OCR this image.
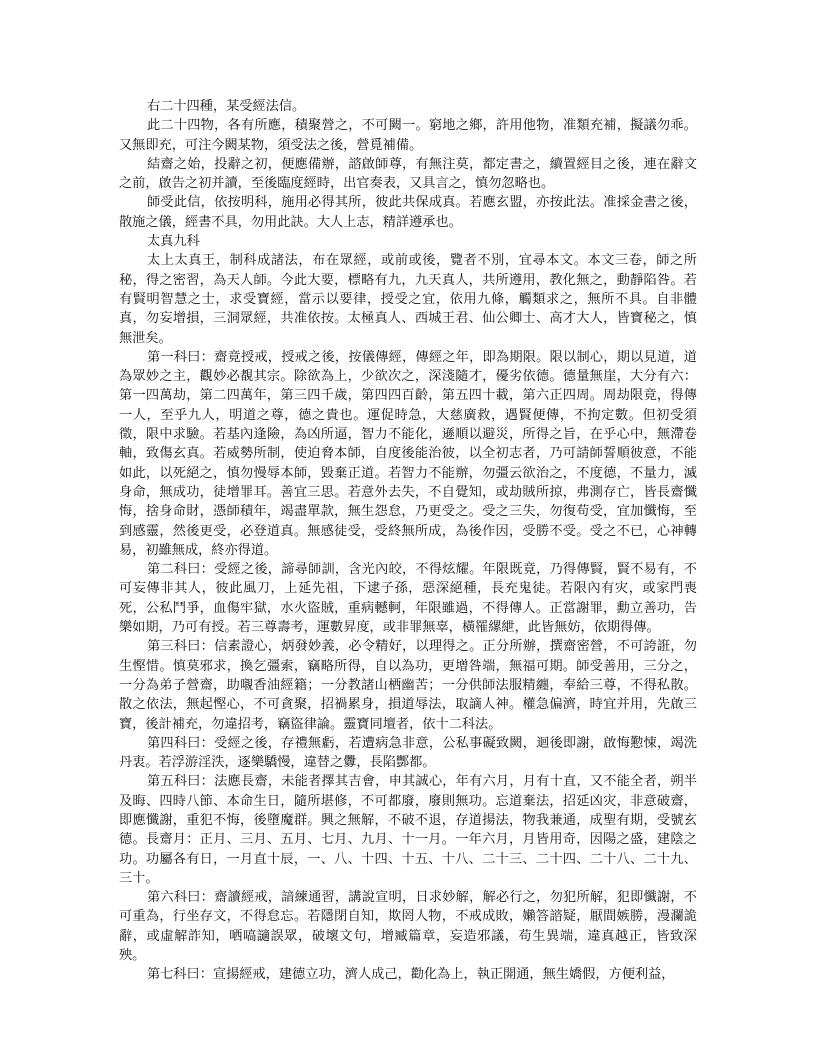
右二十四種，某受經法信。

此二十四物，各有所應，積聚營之，不可闕一。窮地之鄉，許用他物，准類充補，擬議勿乖。又無即充，可注今闕某物，須受法之後，營覓補備。

結齋之始，投辭之初，便應備辦，諮啟師尊，有無注莫，都定書之，續置經目之後，連在辭文之前，啟告之初并讀，至後臨度經時，出官奏表，又具言之，慎勿忽略也。

師受此信，依按明科，施用必得其所，彼此共保成真。若應玄盟，亦按此法。准採金書之後，散施之儀，經書不具，勿用此訣。大人上志，精詳遵承也。

太真九科

太上太真王，制科成諸法，布在眾經，或前或後，覽者不別，宜尋本文。本文三卷，師之所秘，得之密習，為天人師。今此大要，標略有九，九天真人，共所遵用，教化無之，動靜陷咎。若有賢明智慧之士，求受寶經，當示以要律，授受之宜，依用九條，觸類求之，無所不具。自非體真，勿妄增損，三洞眾經，共准依按。太極真人、西城王君、仙公卿士、高才大人，皆寶秘之，慎無泄矣。

第一科曰：齋竟授戒，授戒之後，按儀傳經，傳經之年，即為期限。限以制心，期以見道，道為眾妙之主，觀妙必覩其宗。除欲為上，少欲次之，深淺隨才，優劣依德。德量無崖，大分有六：第一四萬劫，第二四萬年，第三四千歲，第四四百齡，第五四十載，第六正四周。周劫限竟，得傳一人，至乎九人，明道之尊，德之貴也。運促時急，大慈廣救，遇賢便傳，不拘定數。但初受須徵，限中求驗。若基內逢險，為凶所逼，智力不能化，遜順以避災，所得之旨，在乎心中，無滯卷軸，致傷玄真。若威勢所制，使迫脅本師，自度後能治彼，以全初志者，乃可請師誓順彼意，不能如此，以死絕之，慎勿慢辱本師，毀棄正道。若智力不能辦，勿彊云欲治之，不度德，不量力，滅身命，無成功，徒增罪耳。善宜三思。若意外去失，不自覺知，或劫賊所掠，弗測存亡，皆長齋懺悔，捨身命財，憑師積年，竭盡單款，無生怨怠，乃更受之。受之三失，勿復苟受，宜加懺悔，至到感靈，然後更受，必登道真。無感徒受，受終無所成，為後作因，受勝不受。受之不已，心神轉易，初雖無成，終亦得道。

第二科曰：受經之後，諦尋師訓，含光內皎，不得炫耀。年限既竟，乃得傳賢，賢不易有，不可妄傳非其人，彼此風刀，上延先祖，下逮子孫，惡深絕種，長充鬼徒。若限內有灾，或家門喪死，公私鬥爭，血傷牢獄，水火盜賊，重病轗軻，年限雖過，不得傳人。正當謝罪，勳立善功，告樂如期，乃可有授。若三尊壽考，運數昇度，或非罪無辜，橫罹縲紲，此皆無妨，依期得傳。

第三科曰：信素證心，炳發妙義，必令精好，以理得之。正分所辦，撰齋密營，不可誇誑，勿生慳惜。慎莫邪求，換乞彊索，竊略所得，自以為功，更增咎端，無福可期。師受善用，三分之，一分為弟子營齋，助嚫香油經籍；一分教諸山栖幽苦；一分供師法服精纏，奉給三尊，不得私散。散之依法，無起慳心，不可貪聚，招禍累身，損道辱法，取謫人神。權急偏濟，時宜并用，先啟三寶，後計補充，勿違招考，竊盜律論。靈寶同壇者，依十二科法。

第四科曰：受經之後，存禮無虧，若遭病急非意，公私事礙致闕，迴後即謝，啟悔懃悚，竭洗丹衷。若浮游淫泆，逐樂驕慢，違替之釁，長陷酆都。

第五科曰：法應長齋，未能者擇其吉會，申其誠心，年有六月，月有十直，又不能全者，朔半及晦、四時八節、本命生日，隨所堪修，不可都廢，廢則無功。忘道棄法，招延凶灾，非意破齋，即應懺謝，重犯不悔，後墮魔群。興之無解，不破不退，存道揚法，物我兼通，成聖有期，受號玄德。長齋月：正月、三月、五月、七月、九月、十一月。一年六月，月皆用奇，因陽之盛，建陰之功。功屬各有日，一月直十辰，一、八、十四、十五、十八、二十三、二十四、二十八、二十九、三十。

第六科曰：齋讀經戒，諳練通習，講說宣明，日求妙解，解必行之，勿犯所解，犯即懺謝，不可重為，行坐存文，不得怠忘。若隱閉自知，欺罔人物，不戒成敗，嬾答諮疑，厭間嫉勝，漫瀾詭辭，或虛解詐知，哂嗃讁誤眾，破壞文句，增臧篇章，妄造邪議，苟生異端，違真越正，皆致深殃。

第七科曰：宣揚經戒，建德立功，濟人成己，勸化為上，執正開通，無生嬌假，方便利益，
